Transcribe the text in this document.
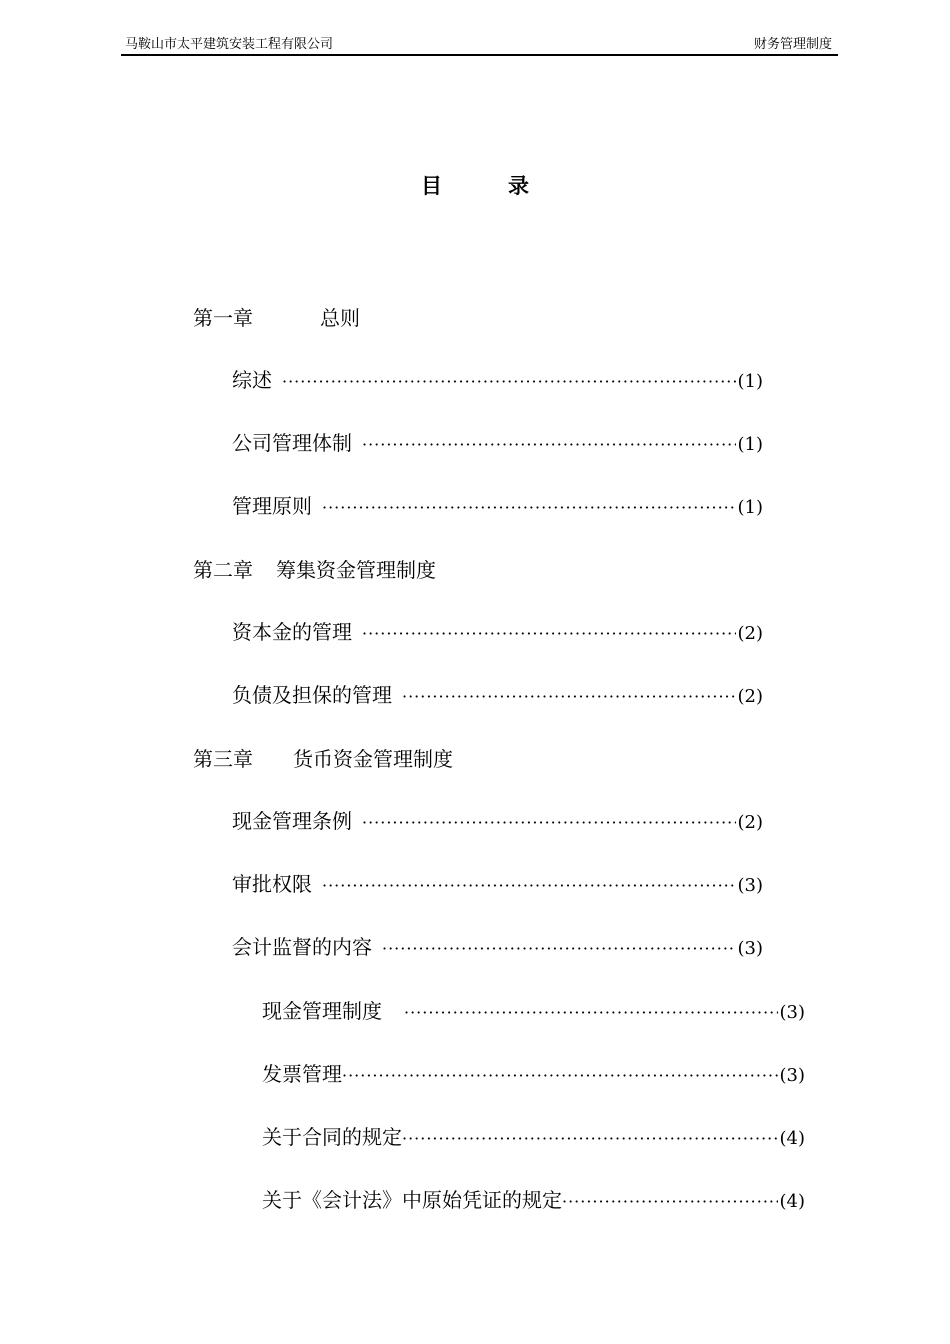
马鞍山市太平建筑安装工程有限公司	财务管理制度
目	录
第一章	总则
综述 ·····	(1)
公司管理体制 ·····	(1)
管理原则 ·····	(1)
第二章 筹集资金管理制度
资本金的管理 ·····	(2)
负债及担保的管理 ·····	(2)
第三章 货币资金管理制度
现金管理条例 ·····	(2)
审批权限 ·····	(3)
会计监督的内容 ·····	(3)
现金管理制度 ·····	(3)
发票管理 ·····	(3)
关于合同的规定 ·····	(4)
关于《会计法》中原始凭证的规定 ·····	(4)
